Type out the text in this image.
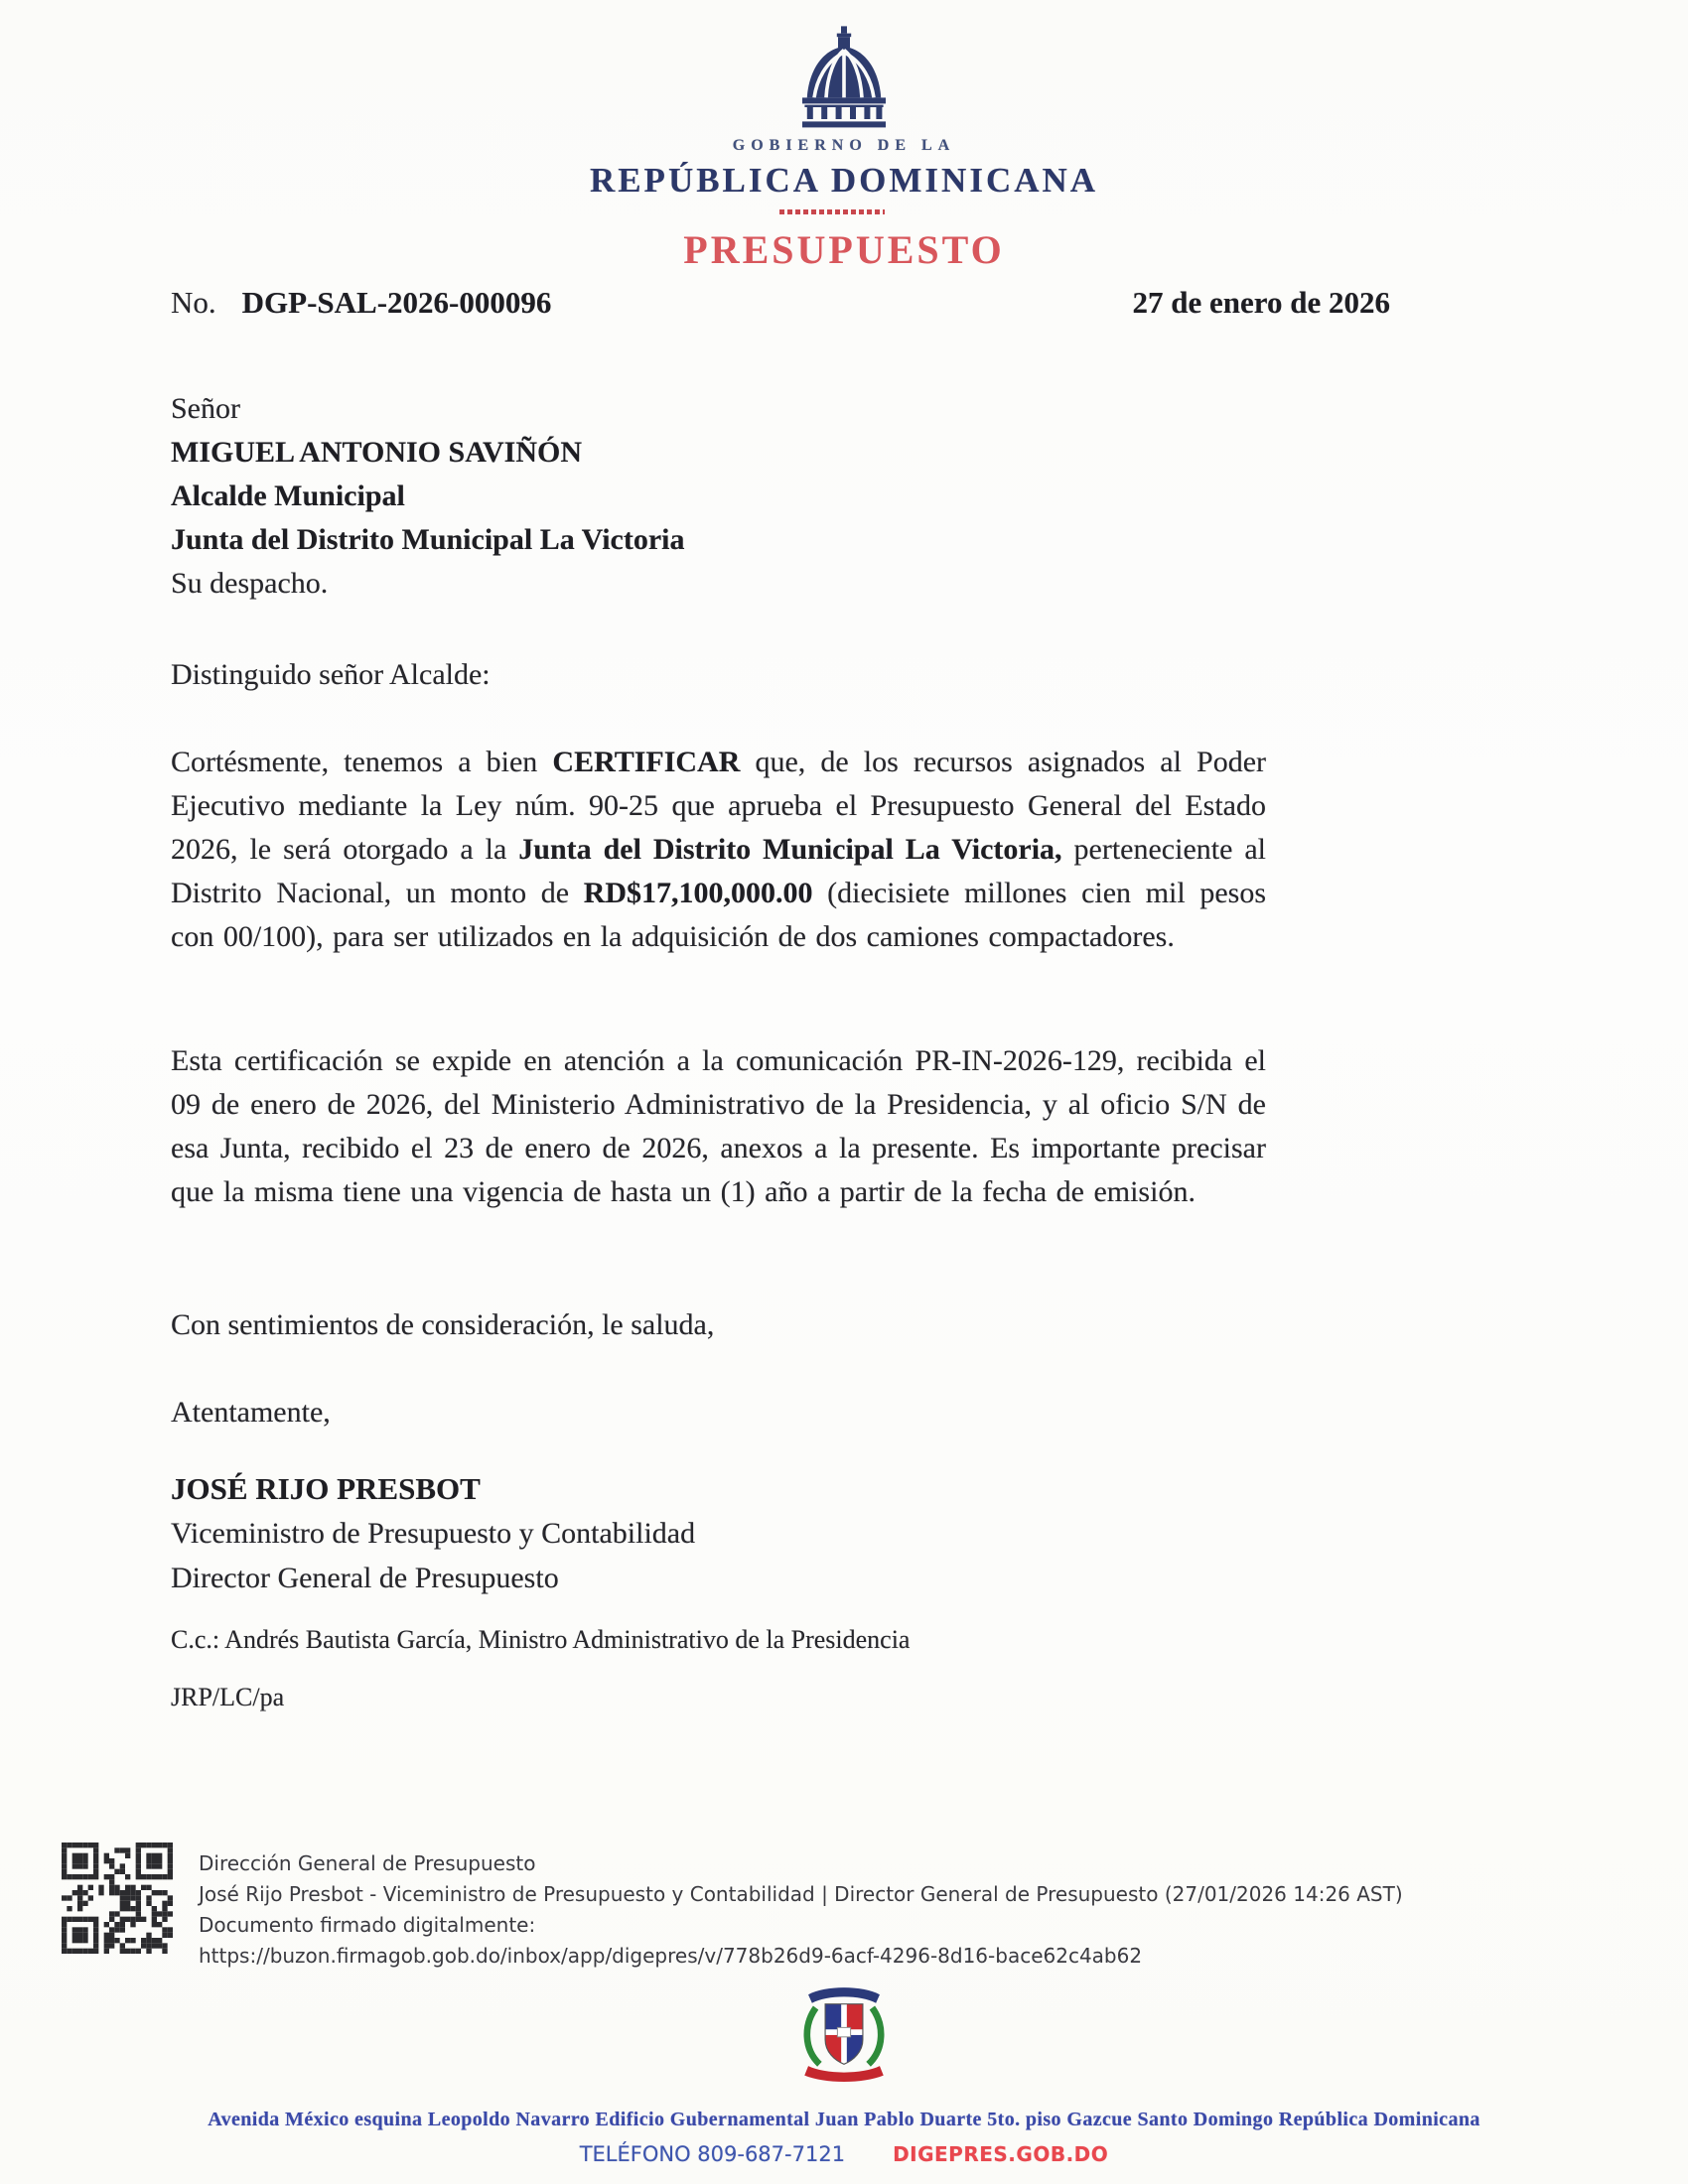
GOBIERNO DE LA
REPÚBLICA DOMINICANA
PRESUPUESTO
No. DGP-SAL-2026-000096	27 de enero de 2026
Señor
MIGUEL ANTONIO SAVIÑÓN
Alcalde Municipal
Junta del Distrito Municipal La Victoria
Su despacho.
Distinguido señor Alcalde:
Cortésmente, tenemos a bien CERTIFICAR que, de los recursos asignados al Poder Ejecutivo mediante la Ley núm. 90-25 que aprueba el Presupuesto General del Estado 2026, le será otorgado a la Junta del Distrito Municipal La Victoria, perteneciente al Distrito Nacional, un monto de RD$17,100,000.00 (diecisiete millones cien mil pesos con 00/100), para ser utilizados en la adquisición de dos camiones compactadores.
Esta certificación se expide en atención a la comunicación PR-IN-2026-129, recibida el 09 de enero de 2026, del Ministerio Administrativo de la Presidencia, y al oficio S/N de esa Junta, recibido el 23 de enero de 2026, anexos a la presente. Es importante precisar que la misma tiene una vigencia de hasta un (1) año a partir de la fecha de emisión.
Con sentimientos de consideración, le saluda,
Atentamente,
JOSÉ RIJO PRESBOT
Viceministro de Presupuesto y Contabilidad
Director General de Presupuesto
C.c.: Andrés Bautista García, Ministro Administrativo de la Presidencia
JRP/LC/pa
Dirección General de Presupuesto
José Rijo Presbot - Viceministro de Presupuesto y Contabilidad | Director General de Presupuesto (27/01/2026 14:26 AST)
Documento firmado digitalmente:
https://buzon.firmagob.gob.do/inbox/app/digepres/v/778b26d9-6acf-4296-8d16-bace62c4ab62
Avenida México esquina Leopoldo Navarro Edificio Gubernamental Juan Pablo Duarte 5to. piso Gazcue Santo Domingo República Dominicana
TELÉFONO 809-687-7121 DIGEPRES.GOB.DO
